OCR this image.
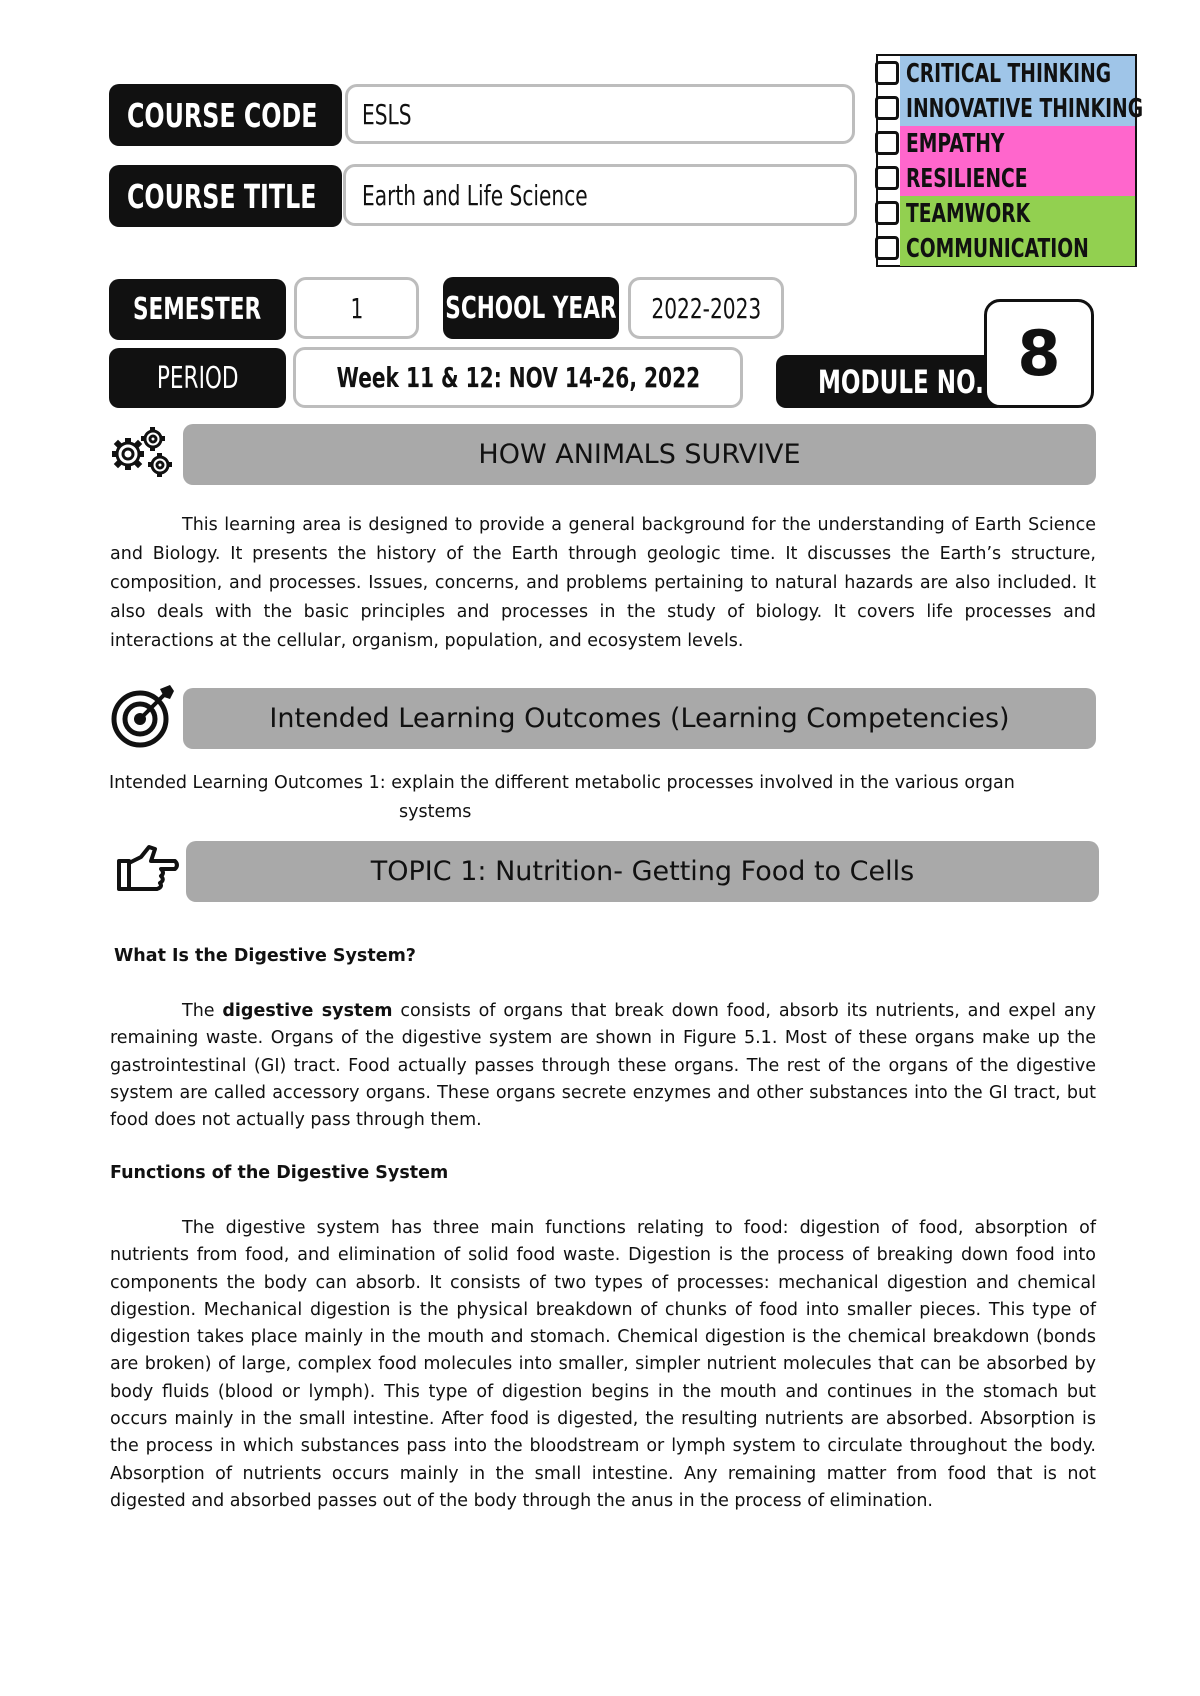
COURSE CODE ESLS
COURSE TITLE Earth and Life Science
CRITICAL THINKING
INNOVATIVE THINKING
EMPATHY
RESILIENCE
TEAMWORK
COMMUNICATION
SEMESTER	1	SCHOOL YEAR 2022-2023
PERIOD	Week 11 & 12: NOV 14-26, 2022	MODULE NO. 8
HOW ANIMALS SURVIVE
This learning area is designed to provide a general background for the understanding of Earth Science and Biology. It presents the history of the Earth through geologic time. It discusses the Earth’s structure, composition, and processes. Issues, concerns, and problems pertaining to natural hazards are also included. It also deals with the basic principles and processes in the study of biology. It covers life processes and interactions at the cellular, organism, population, and ecosystem levels.
Intended Learning Outcomes (Learning Competencies)
Intended Learning Outcomes 1: explain the different metabolic processes involved in the various organ
systems
TOPIC 1: Nutrition- Getting Food to Cells
What Is the Digestive System?
The digestive system consists of organs that break down food, absorb its nutrients, and expel any remaining waste. Organs of the digestive system are shown in Figure 5.1. Most of these organs make up the gastrointestinal (GI) tract. Food actually passes through these organs. The rest of the organs of the digestive system are called accessory organs. These organs secrete enzymes and other substances into the GI tract, but food does not actually pass through them.
Functions of the Digestive System
The digestive system has three main functions relating to food: digestion of food, absorption of nutrients from food, and elimination of solid food waste. Digestion is the process of breaking down food into components the body can absorb. It consists of two types of processes: mechanical digestion and chemical digestion. Mechanical digestion is the physical breakdown of chunks of food into smaller pieces. This type of digestion takes place mainly in the mouth and stomach. Chemical digestion is the chemical breakdown (bonds are broken) of large, complex food molecules into smaller, simpler nutrient molecules that can be absorbed by body fluids (blood or lymph). This type of digestion begins in the mouth and continues in the stomach but occurs mainly in the small intestine. After food is digested, the resulting nutrients are absorbed. Absorption is the process in which substances pass into the bloodstream or lymph system to circulate throughout the body. Absorption of nutrients occurs mainly in the small intestine. Any remaining matter from food that is not digested and absorbed passes out of the body through the anus in the process of elimination.
